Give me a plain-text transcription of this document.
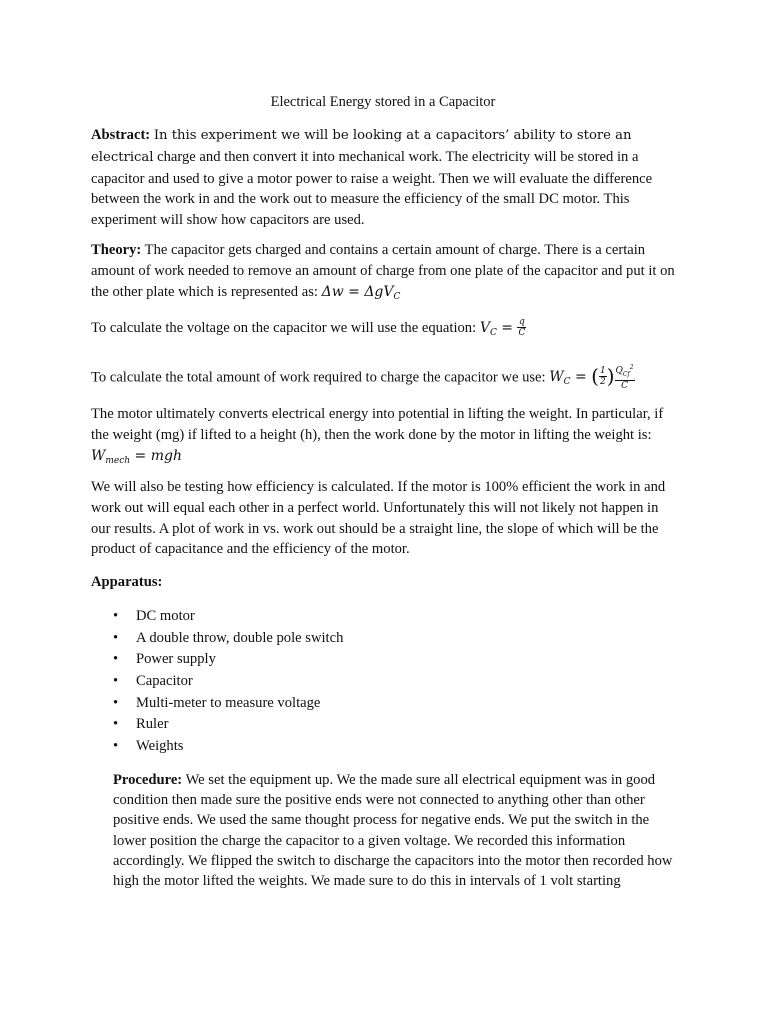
Electrical Energy stored in a Capacitor

Abstract: In this experiment we will be looking at a capacitors’ ability to store an electrical charge and then convert it into mechanical work. The electricity will be stored in a capacitor and used to give a motor power to raise a weight. Then we will evaluate the difference between the work in and the work out to measure the efficiency of the small DC motor. This experiment will show how capacitors are used.

Theory: The capacitor gets charged and contains a certain amount of charge. There is a certain amount of work needed to remove an amount of charge from one plate of the capacitor and put it on the other plate which is represented as: Δw = ΔgV$_C$

To calculate the voltage on the capacitor we will use the equation: $V_C = \frac{q}{C}$

To calculate the total amount of work required to charge the capacitor we use: $W_C$ = ( $\frac{1}{2}$ ) $\frac{Q_{Cf}^2}{C}$

The motor ultimately converts electrical energy into potential in lifting the weight. In particular, if the weight (mg) if lifted to a height (h), then the work done by the motor in lifting the weight is: $W_{mech}$ = mgh

We will also be testing how efficiency is calculated. If the motor is 100% efficient the work in and work out will equal each other in a perfect world. Unfortunately this will not likely not happen in our results. A plot of work in vs. work out should be a straight line, the slope of which will be the product of capacitance and the efficiency of the motor.

Apparatus:
• DC motor
• A double throw, double pole switch
• Power supply
• Capacitor
• Multi-meter to measure voltage
• Ruler
• Weights

Procedure: We set the equipment up. We the made sure all electrical equipment was in good condition then made sure the positive ends were not connected to anything other than other positive ends. We used the same thought process for negative ends. We put the switch in the lower position the charge the capacitor to a given voltage. We recorded this information accordingly. We flipped the switch to discharge the capacitors into the motor then recorded how high the motor lifted the weights. We made sure to do this in intervals of 1 volt starting
